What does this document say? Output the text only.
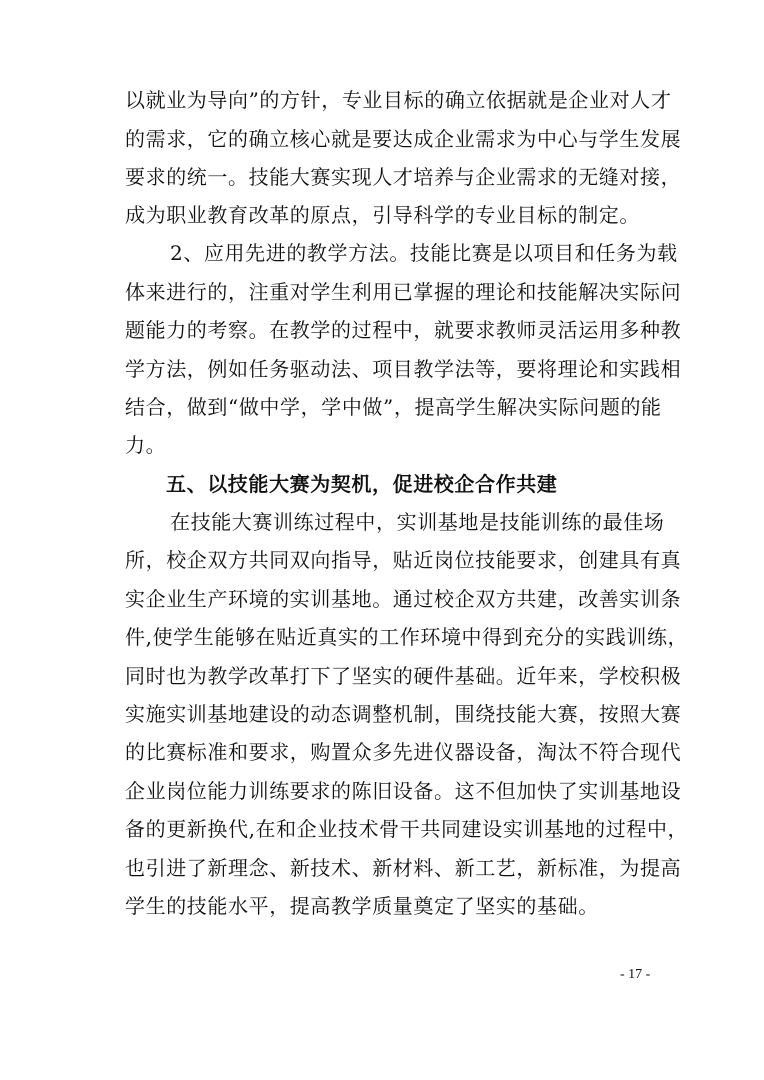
以就业为导向”的方针，专业目标的确立依据就是企业对人才
的需求，它的确立核心就是要达成企业需求为中心与学生发展
要求的统一。技能大赛实现人才培养与企业需求的无缝对接，
成为职业教育改革的原点，引导科学的专业目标的制定。
2、应用先进的教学方法。技能比赛是以项目和任务为载
体来进行的，注重对学生利用已掌握的理论和技能解决实际问
题能力的考察。在教学的过程中，就要求教师灵活运用多种教
学方法，例如任务驱动法、项目教学法等，要将理论和实践相
结合，做到“做中学，学中做”，提高学生解决实际问题的能
力。
五、以技能大赛为契机，促进校企合作共建
在技能大赛训练过程中，实训基地是技能训练的最佳场
所，校企双方共同双向指导，贴近岗位技能要求，创建具有真
实企业生产环境的实训基地。通过校企双方共建，改善实训条
件,使学生能够在贴近真实的工作环境中得到充分的实践训练，
同时也为教学改革打下了坚实的硬件基础。近年来，学校积极
实施实训基地建设的动态调整机制，围绕技能大赛，按照大赛
的比赛标准和要求，购置众多先进仪器设备，淘汰不符合现代
企业岗位能力训练要求的陈旧设备。这不但加快了实训基地设
备的更新换代,在和企业技术骨干共同建设实训基地的过程中，
也引进了新理念、新技术、新材料、新工艺，新标准，为提高
学生的技能水平，提高教学质量奠定了坚实的基础。
- 17 -
